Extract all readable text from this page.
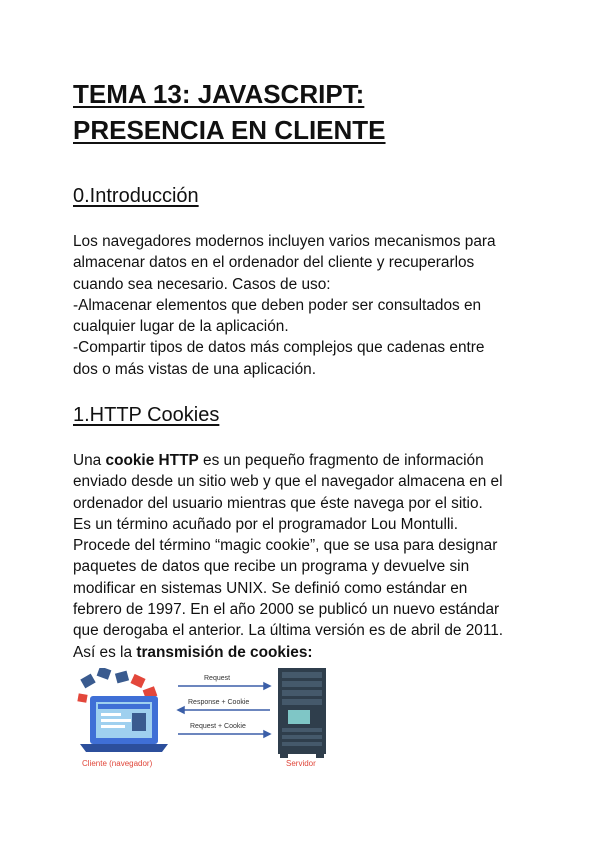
TEMA 13: JAVASCRIPT:
PRESENCIA EN CLIENTE
0.Introducción
Los navegadores modernos incluyen varios mecanismos para
almacenar datos en el ordenador del cliente y recuperarlos
cuando sea necesario. Casos de uso:
-Almacenar elementos que deben poder ser consultados en
cualquier lugar de la aplicación.
-Compartir tipos de datos más complejos que cadenas entre
dos o más vistas de una aplicación.
1.HTTP Cookies
Una cookie HTTP es un pequeño fragmento de información
enviado desde un sitio web y que el navegador almacena en el
ordenador del usuario mientras que éste navega por el sitio.
Es un término acuñado por el programador Lou Montulli.
Procede del término “magic cookie”, que se usa para designar
paquetes de datos que recibe un programa y devuelve sin
modificar en sistemas UNIX. Se definió como estándar en
febrero de 1997. En el año 2000 se publicó un nuevo estándar
que derogaba el anterior. La última versión es de abril de 2011.
Así es la transmisión de cookies:
Request
Response + Cookie
Request + Cookie
Cliente (navegador)	Servidor
